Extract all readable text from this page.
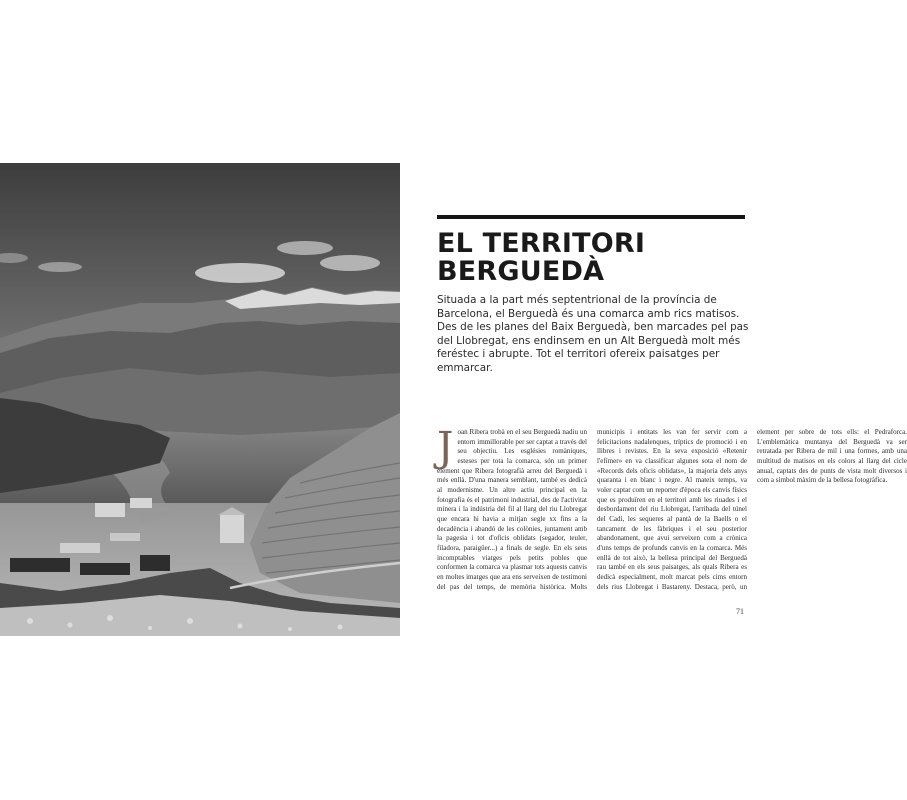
EL TERRITORI
BERGUEDÀ

Situada a la part més septentrional de la província de Barcelona, el Berguedà és una comarca amb rics matisos. Des de les planes del Baix Berguedà, ben marcades pel pas del Llobregat, ens endinsem en un Alt Berguedà molt més feréstec i abrupte. Tot el territori ofereix paisatges per emmarcar.

J oan Ribera trobà en el seu Berguedà nadiu un entorn immillorable per ser captat a través del seu objectiu. Les esglésies romàniques, esteses per tota la comarca, són un primer element que Ribera fotografià arreu del Berguedà i més enllà. D'una manera semblant, també es dedicà al modernisme. Un altre actiu principal en la fotografia és el patrimoni industrial, des de l'activitat minera i la indústria del fil al llarg del riu Llobregat que encara hi havia a mitjan segle xx fins a la decadència i abandó de les colònies, juntament amb la pagesia i tot d'oficis oblidats (segador, teuler, filadora, paraigüer...) a finals de segle. En els seus incomptables viatges pels petits pobles que conformen la comarca va plasmar tots aquests canvis en moltes imatges que ara ens serveixen de testimoni del pas del temps, de memòria històrica. Molts municipis i entitats les van fer servir com a felicitacions nadalenques, tríptics de promoció i en llibres i revistes. En la seva exposició «Retenir l'efímer» en va classificar algunes sota el nom de «Records dels oficis oblidats», la majoria dels anys quaranta i en blanc i negre. Al mateix temps, va voler captar com un reporter d'època els canvis físics que es produïren en el territori amb les riuades i el desbordament del riu Llobregat, l'arribada del túnel del Cadí, les sequeres al pantà de la Baells o el tancament de les fàbriques i el seu posterior abandonament, que avui serveixen com a crònica d'uns temps de profunds canvis en la comarca. Més enllà de tot això, la bellesa principal del Berguedà rau també en els seus paisatges, als quals Ribera es dedicà especialment, molt marcat pels cims entorn dels rius Llobregat i Bastareny. Destaca, però, un element per sobre de tots ells: el Pedraforca. L'emblemàtica muntanya del Berguedà va ser retratada per Ribera de mil i una formes, amb una multitud de matisos en els colors al llarg del cicle anual, captats des de punts de vista molt diversos i com a símbol màxim de la bellesa fotogràfica.

71
